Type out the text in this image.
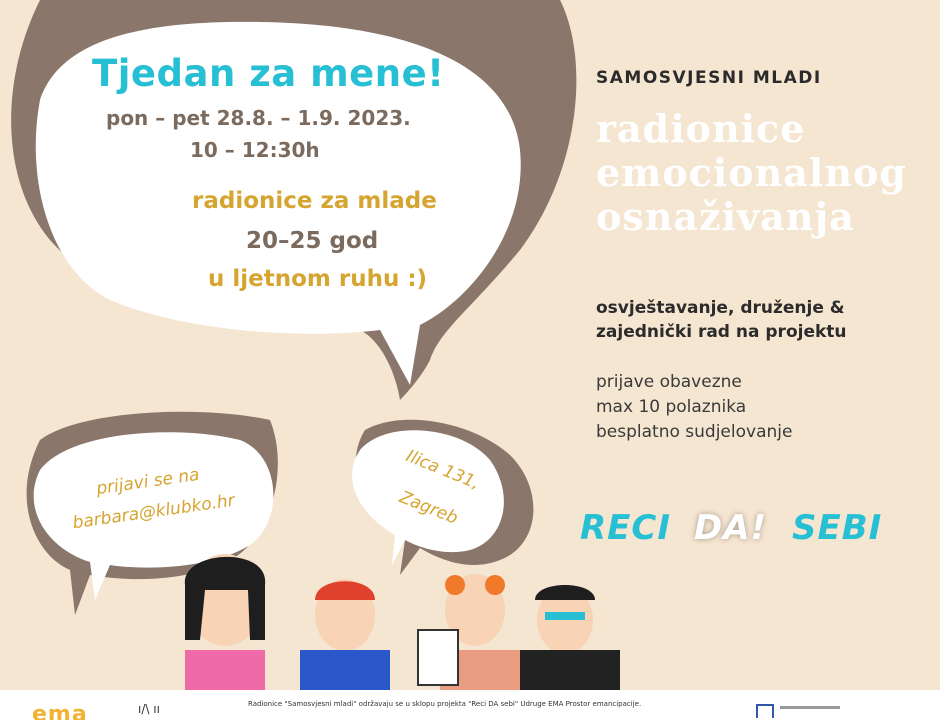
Tjedan za mene!
pon – pet 28.8. – 1.9. 2023.
10 – 12:30h
radionice za mlade
20–25 god
u ljetnom ruhu :)
SAMOSVJESNI MLADI
radionice
emocionalnog
osnaživanja
osvještavanje, druženje &
zajednički rad na projektu
prijave obavezne
max 10 polaznika
besplatno sudjelovanje
prijavi se na
barbara@klubko.hr
Ilica 131,
Zagreb	RECI DA! SEBI
ema	ı/\ ıı	Radionice "Samosvjesni mladi" održavaju se u sklopu projekta "Reci DA sebi" Udruge EMA Prostor emancipacije.
